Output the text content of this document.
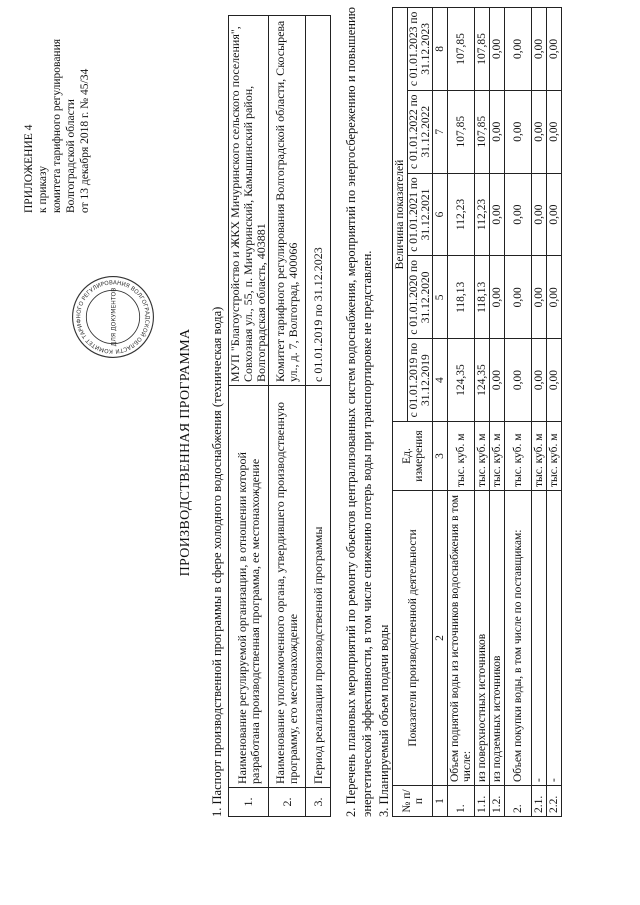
ПРИЛОЖЕНИЕ 4 к приказу комитета тарифного регулирования Волгоградской области от 13 декабря 2018 г. № 45/34
КОМИТЕТ ТАРИФНОГО РЕГУЛИРОВАНИЯ ВОЛГОГРАДСКОЙ ОБЛАСТИ
ДЛЯ ДОКУМЕНТОВ
ПРОИЗВОДСТВЕННАЯ ПРОГРАММА 1. Паспорт производственной программы в сфере холодного водоснабжения (техническая вода) 1.	Наименование регулируемой организации, в отношении которой разработана производственная программа, ее местонахождение	МУП "Благоустройство и ЖКХ Мичуринского сельского поселения", Совхозная ул., 55, п. Мичуринский, Камышинский район, Волгоградская область, 403881
2.	Наименование уполномоченного органа, утвердившего производственную программу, его местонахождение	Комитет тарифного регулирования Волгоградской области, Скосырева ул., д. 7, Волгоград, 400066
3.	Период реализации производственной программы	с 01.01.2019 по 31.12.2023 2. Перечень плановых мероприятий по ремонту объектов централизованных систем водоснабжения, мероприятий по энергосбережению и повышению энергетической эффективности, в том числе снижению потерь воды при транспортировке не представлен. 3. Планируемый объем подачи воды № п/п	Показатели производственной деятельности	Ед. измерения	Величина показателей				
			с 01.01.2019 по 31.12.2019	с 01.01.2020 по 31.12.2020	с 01.01.2021 по 31.12.2021	с 01.01.2022 по 31.12.2022	с 01.01.2023 по 31.12.2023
1	2	3	4	5	6	7	8
1.	Объем поднятой воды из источников водоснабжения в том числе:	тыс. куб. м	124,35	118,13	112,23	107,85	107,85
1.1.	из поверхностных источников	тыс. куб. м	124,35	118,13	112,23	107,85	107,85
1.2.	из подземных источников	тыс. куб. м	0,00	0,00	0,00	0,00	0,00
2.	Объем покупки воды, в том числе по поставщикам:	тыс. куб. м	0,00	0,00	0,00	0,00	0,00
2.1.	-	тыс. куб. м	0,00	0,00	0,00	0,00	0,00
2.2.	-	тыс. куб. м	0,00	0,00	0,00	0,00	0,00
